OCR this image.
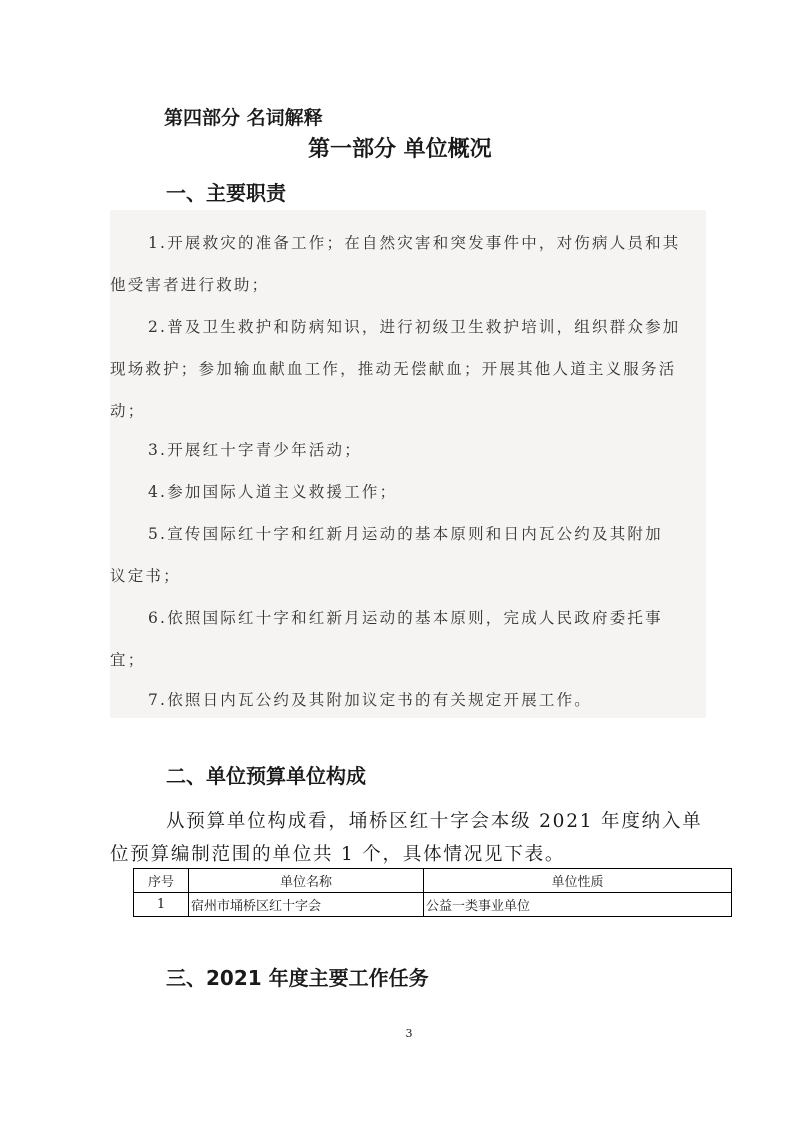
第四部分 名词解释
第一部分 单位概况
一、主要职责
1.开展救灾的准备工作；在自然灾害和突发事件中，对伤病人员和其
他受害者进行救助；
2.普及卫生救护和防病知识，进行初级卫生救护培训，组织群众参加
现场救护；参加输血献血工作，推动无偿献血；开展其他人道主义服务活
动；
3.开展红十字青少年活动；
4.参加国际人道主义救援工作；
5.宣传国际红十字和红新月运动的基本原则和日内瓦公约及其附加
议定书；
6.依照国际红十字和红新月运动的基本原则，完成人民政府委托事
宜；
7.依照日内瓦公约及其附加议定书的有关规定开展工作。
二、单位预算单位构成
从预算单位构成看，埇桥区红十字会本级 2021 年度纳入单
位预算编制范围的单位共 1 个，具体情况见下表。
序号	单位名称	单位性质
1	宿州市埇桥区红十字会	公益一类事业单位
三、2021 年度主要工作任务
3
